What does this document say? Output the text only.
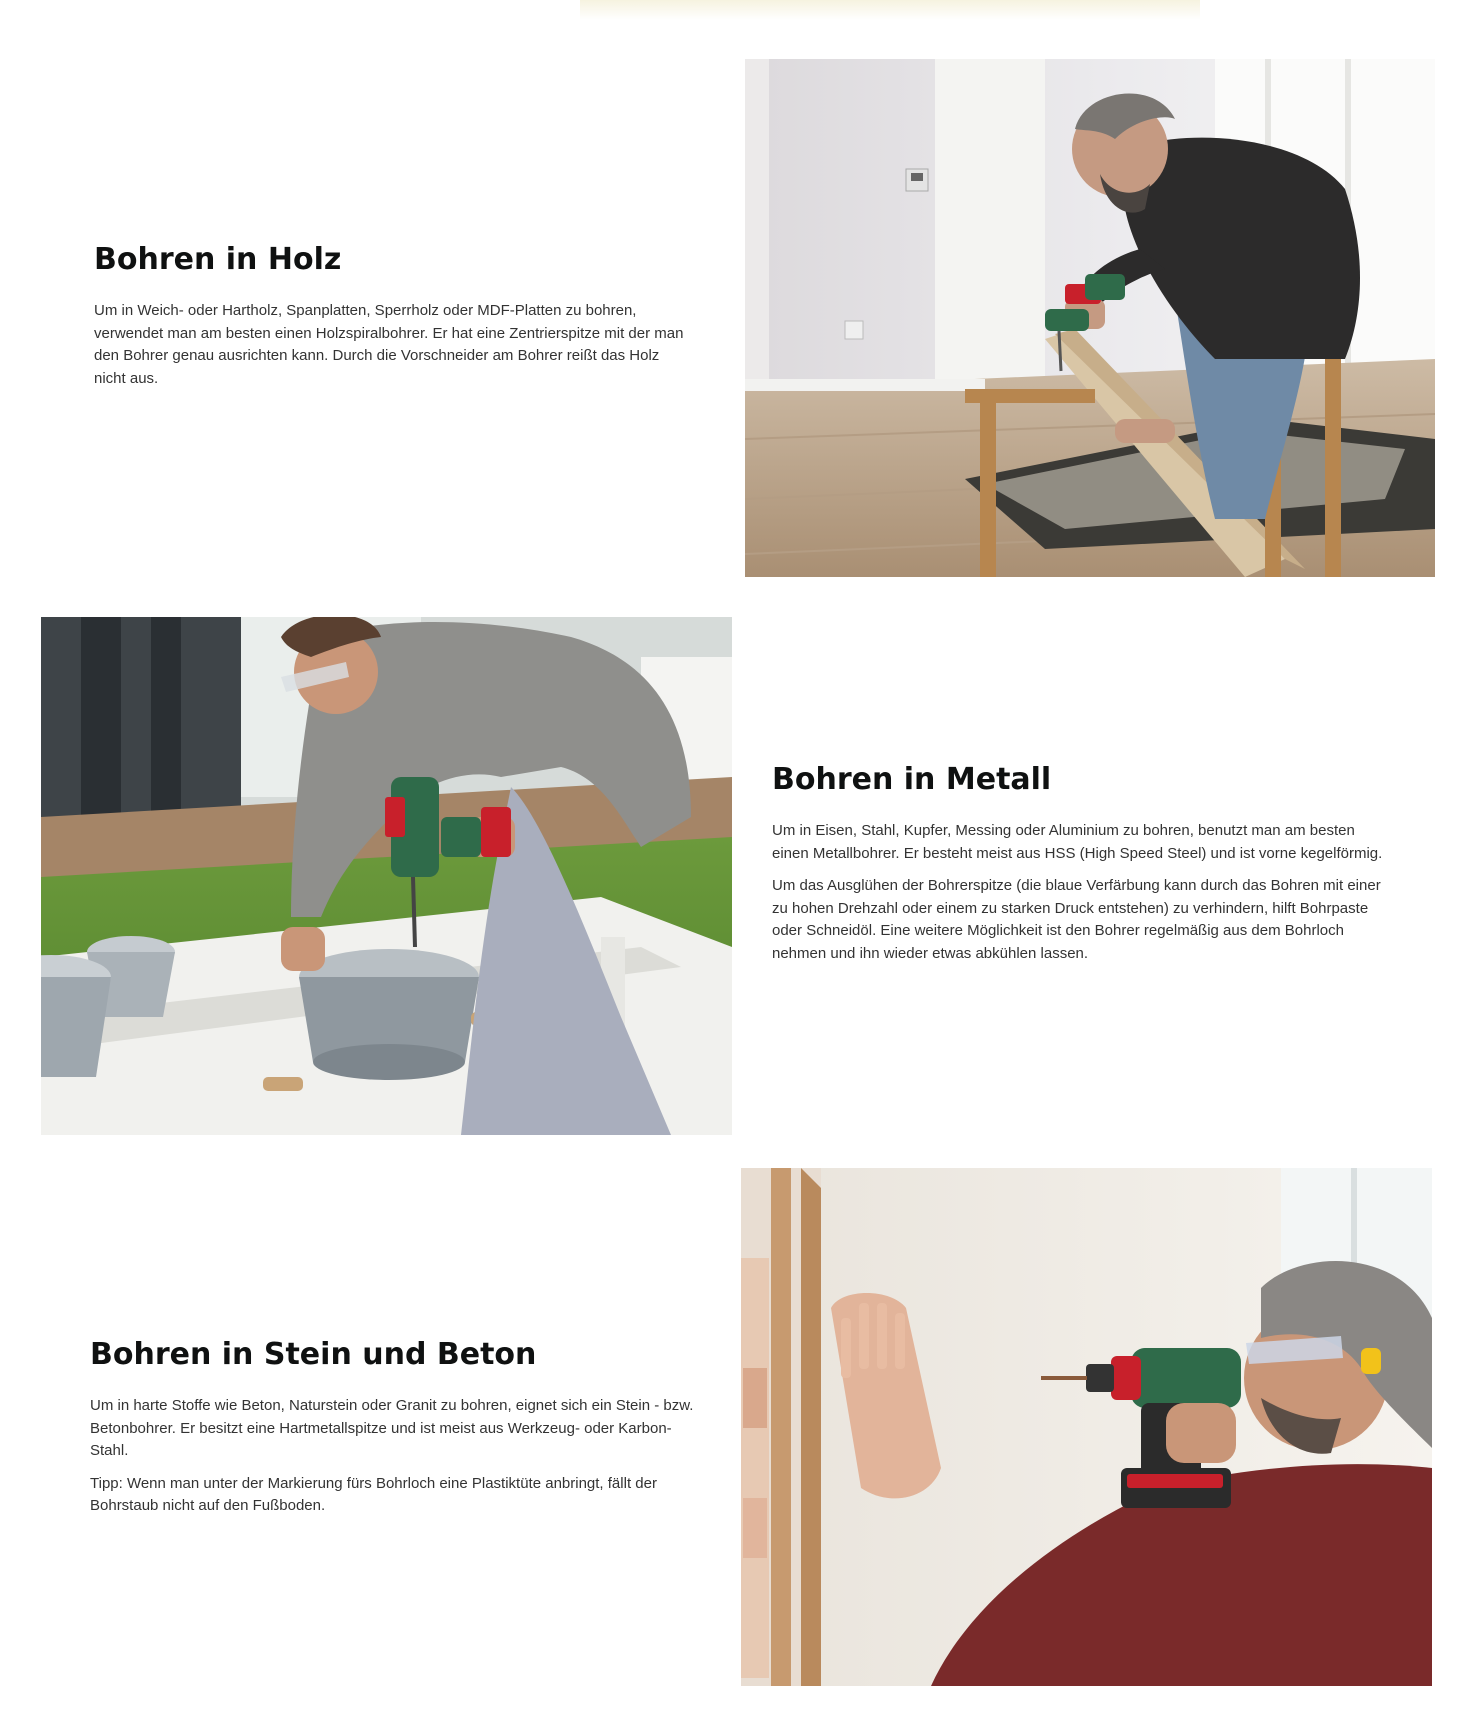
Bohren in Holz

Um in Weich- oder Hartholz, Spanplatten, Sperrholz oder MDF-Platten zu bohren, verwendet man am besten einen Holzspiralbohrer. Er hat eine Zentrierspitze mit der man den Bohrer genau ausrichten kann. Durch die Vorschneider am Bohrer reißt das Holz nicht aus.

Bohren in Metall

Um in Eisen, Stahl, Kupfer, Messing oder Aluminium zu bohren, benutzt man am besten einen Metallbohrer. Er besteht meist aus HSS (High Speed Steel) und ist vorne kegelförmig.

Um das Ausglühen der Bohrerspitze (die blaue Verfärbung kann durch das Bohren mit einer zu hohen Drehzahl oder einem zu starken Druck entstehen) zu verhindern, hilft Bohrpaste oder Schneidöl. Eine weitere Möglichkeit ist den Bohrer regelmäßig aus dem Bohrloch nehmen und ihn wieder etwas abkühlen lassen.

Bohren in Stein und Beton

Um in harte Stoffe wie Beton, Naturstein oder Granit zu bohren, eignet sich ein Stein - bzw. Betonbohrer. Er besitzt eine Hartmetallspitze und ist meist aus Werkzeug- oder Karbon-Stahl.

Tipp: Wenn man unter der Markierung fürs Bohrloch eine Plastiktüte anbringt, fällt der Bohrstaub nicht auf den Fußboden.
